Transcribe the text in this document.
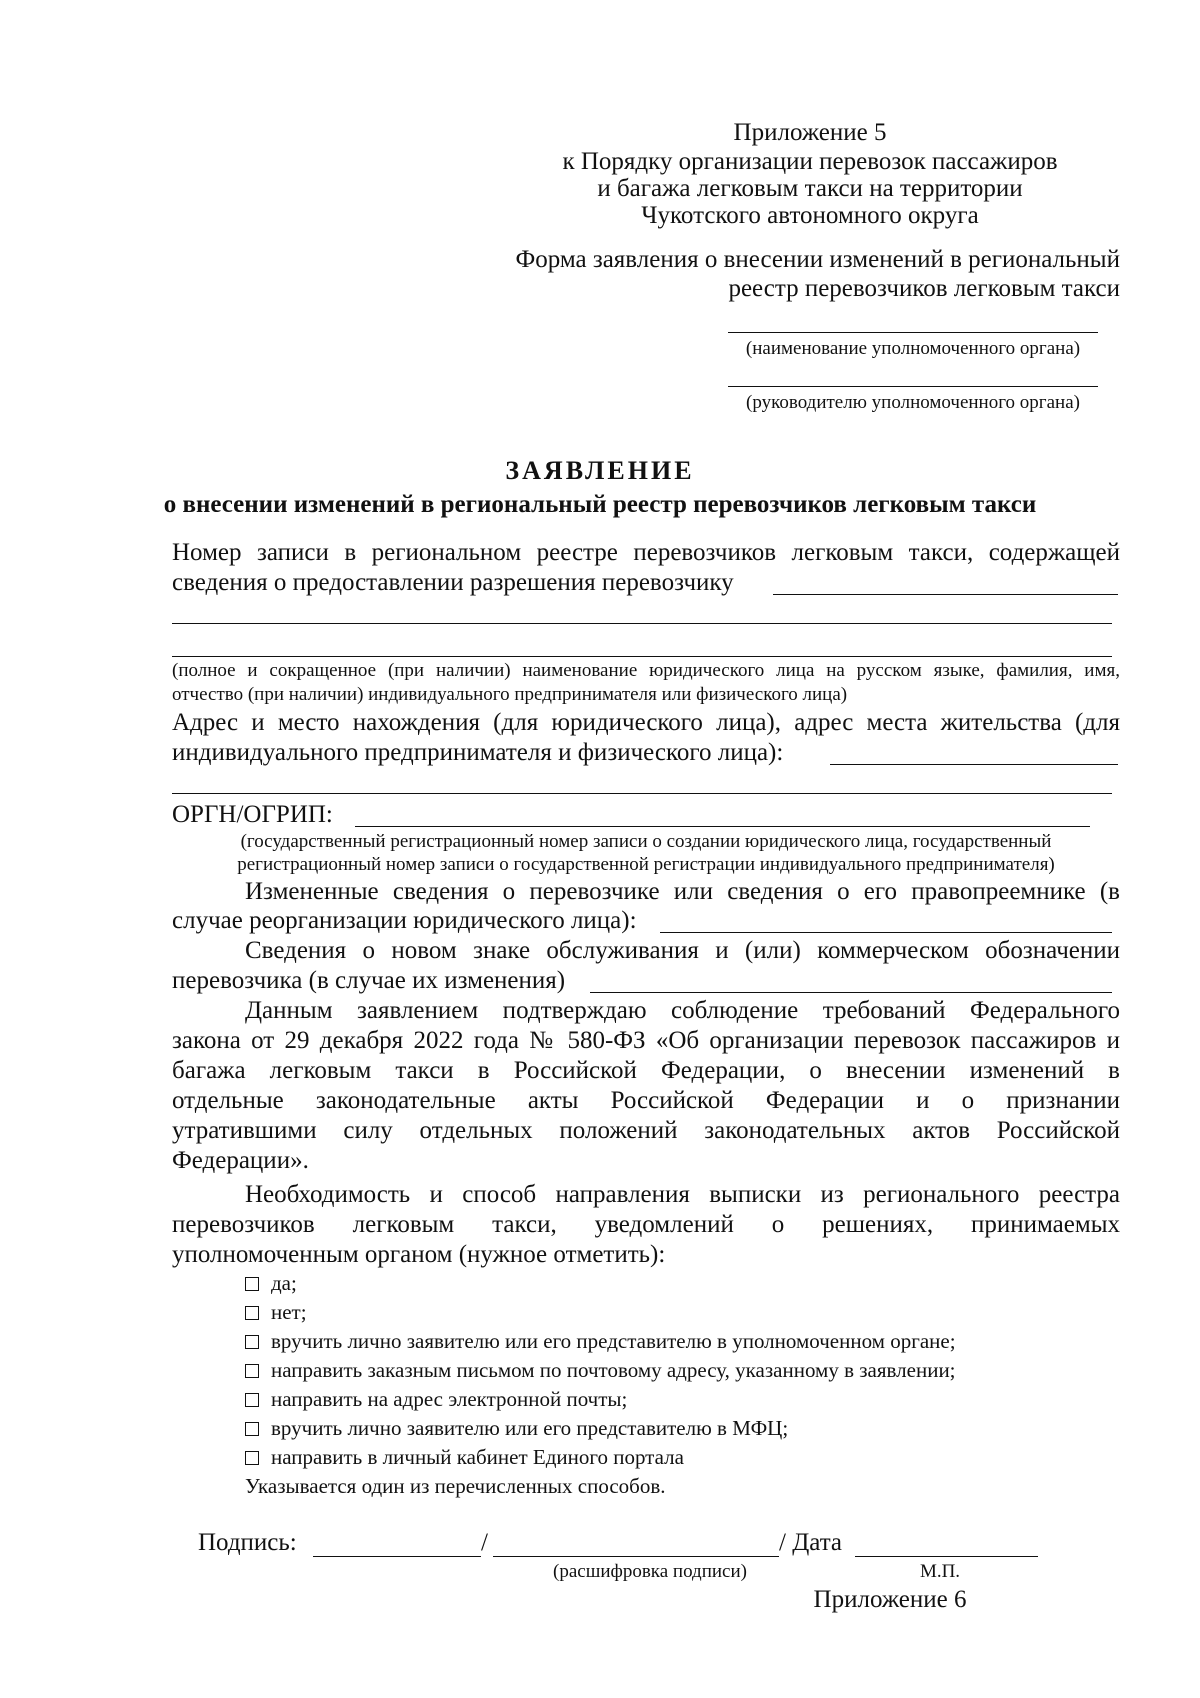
Приложение 5
к Порядку организации перевозок пассажиров
и багажа легковым такси на территории
Чукотского автономного округа
Форма заявления о внесении изменений в региональный
реестр перевозчиков легковым такси
(наименование уполномоченного органа)
(руководителю уполномоченного органа)
ЗАЯВЛЕНИЕ
о внесении изменений в региональный реестр перевозчиков легковым такси
Номер записи в региональном реестре перевозчиков легковым такси, содержащей
сведения о предоставлении разрешения перевозчику
(полное и сокращенное (при наличии) наименование юридического лица на русском языке, фамилия, имя,
отчество (при наличии) индивидуального предпринимателя или физического лица)
Адрес и место нахождения (для юридического лица), адрес места жительства (для
индивидуального предпринимателя и физического лица):
ОРГН/ОГРИП:
(государственный регистрационный номер записи о создании юридического лица, государственный
регистрационный номер записи о государственной регистрации индивидуального предпринимателя)
Измененные сведения о перевозчике или сведения о его правопреемнике (в
случае реорганизации юридического лица):
Сведения о новом знаке обслуживания и (или) коммерческом обозначении
перевозчика (в случае их изменения)
Данным заявлением подтверждаю соблюдение требований Федерального
закона от 29 декабря 2022 года № 580-ФЗ «Об организации перевозок пассажиров и
багажа легковым такси в Российской Федерации, о внесении изменений в
отдельные законодательные акты Российской Федерации и о признании
утратившими силу отдельных положений законодательных актов Российской
Федерации».
Необходимость и способ направления выписки из регионального реестра
перевозчиков легковым такси, уведомлений о решениях, принимаемых
уполномоченным органом (нужное отметить):
да;
нет;
вручить лично заявителю или его представителю в уполномоченном органе;
направить заказным письмом по почтовому адресу, указанному в заявлении;
направить на адрес электронной почты;
вручить лично заявителю или его представителю в МФЦ;
направить в личный кабинет Единого портала
Указывается один из перечисленных способов.
Подпись:	/	/ Дата
(расшифровка подписи)	М.П.
Приложение 6
